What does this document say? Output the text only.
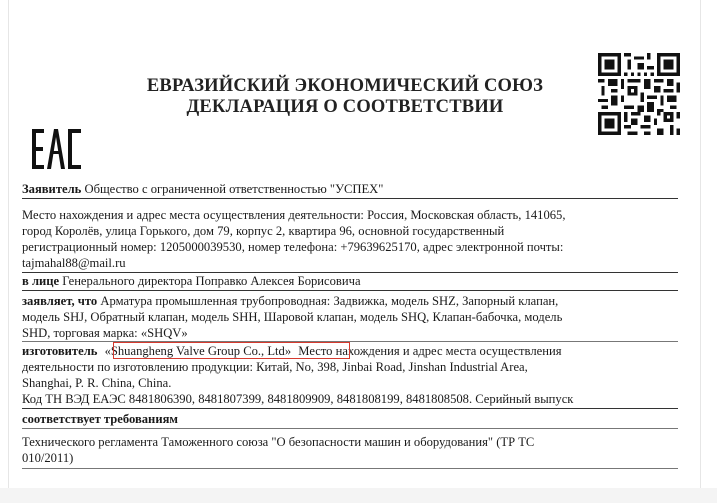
ЕВРАЗИЙСКИЙ ЭКОНОМИЧЕСКИЙ СОЮЗ
ДЕКЛАРАЦИЯ О СООТВЕТСТВИИ
Заявитель Общество с ограниченной ответственностью "УСПЕХ"
Место нахождения и адрес места осуществления деятельности: Россия, Московская область, 141065,
город Королёв, улица Горького, дом 79, корпус 2, квартира 96, основной государственный
регистрационный номер: 1205000039530, номер телефона: +79639625170, адрес электронной почты:
tajmahal88@mail.ru
в лице Генерального директора Поправко Алексея Борисовича
заявляет, что Арматура промышленная трубопроводная: Задвижка, модель SHZ, Запорный клапан,
модель SHJ, Обратный клапан, модель SHH, Шаровой клапан, модель SHQ, Клапан-бабочка, модель
SHD, торговая марка: «SHQV»
изготовитель «Shuangheng Valve Group Co., Ltd» Место нахождения и адрес места осуществления
деятельности по изготовлению продукции: Китай, No, 398, Jinbai Road, Jinshan Industrial Area,
Shanghai, P. R. China, China.
Код ТН ВЭД ЕАЭС 8481806390, 8481807399, 8481809909, 8481808199, 8481808508. Серийный выпуск
соответствует требованиям
Технического регламента Таможенного союза "О безопасности машин и оборудования" (ТР ТС
010/2011)
